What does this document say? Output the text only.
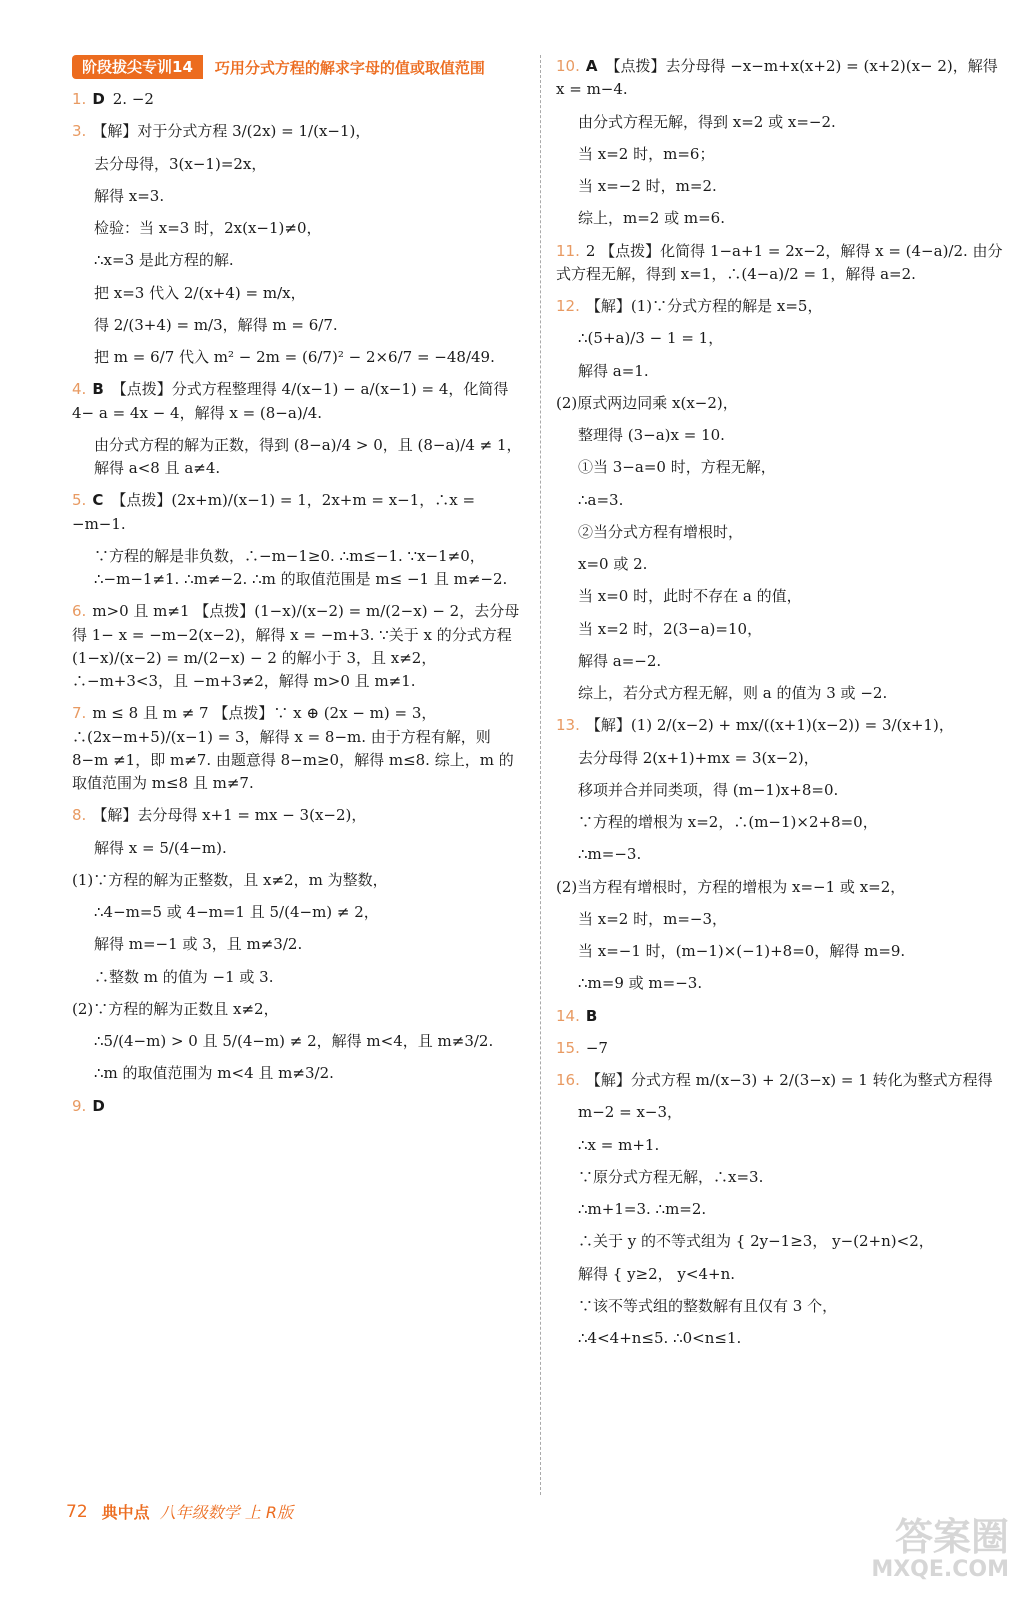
阶段拔尖专训14	巧用分式方程的解求字母的值或取值范围
1. D 2. −2
3. 【解】对于分式方程 3/(2x) = 1/(x−1)，
去分母得，3(x−1)=2x，
解得 x=3.
检验：当 x=3 时，2x(x−1)≠0，
∴x=3 是此方程的解.
把 x=3 代入 2/(x+4) = m/x，
得 2/(3+4) = m/3，解得 m = 6/7.
把 m = 6/7 代入 m² − 2m = (6/7)² − 2×6/7 = −48/49.
4. B 【点拨】分式方程整理得 4/(x−1) − a/(x−1) = 4，化简得 4− a = 4x − 4，解得 x = (8−a)/4.
由分式方程的解为正数，得到 (8−a)/4 > 0，且 (8−a)/4 ≠ 1，解得 a<8 且 a≠4.
5. C 【点拨】(2x+m)/(x−1) = 1，2x+m = x−1，∴x = −m−1.
∵方程的解是非负数，∴−m−1≥0. ∴m≤−1. ∵x−1≠0，∴−m−1≠1. ∴m≠−2. ∴m 的取值范围是 m≤ −1 且 m≠−2.
6. m>0 且 m≠1 【点拨】(1−x)/(x−2) = m/(2−x) − 2，去分母得 1− x = −m−2(x−2)，解得 x = −m+3. ∵关于 x 的分式方程 (1−x)/(x−2) = m/(2−x) − 2 的解小于 3，且 x≠2，∴−m+3<3，且 −m+3≠2，解得 m>0 且 m≠1.
7. m ≤ 8 且 m ≠ 7 【点拨】∵ x ⊕ (2x − m) = 3，∴(2x−m+5)/(x−1) = 3，解得 x = 8−m. 由于方程有解，则 8−m ≠1，即 m≠7. 由题意得 8−m≥0，解得 m≤8. 综上，m 的取值范围为 m≤8 且 m≠7.
8. 【解】去分母得 x+1 = mx − 3(x−2)，
解得 x = 5/(4−m).
(1)∵方程的解为正整数，且 x≠2，m 为整数，
∴4−m=5 或 4−m=1 且 5/(4−m) ≠ 2，
解得 m=−1 或 3，且 m≠3/2.
∴整数 m 的值为 −1 或 3.
(2)∵方程的解为正数且 x≠2，
∴5/(4−m) > 0 且 5/(4−m) ≠ 2，解得 m<4，且 m≠3/2.
∴m 的取值范围为 m<4 且 m≠3/2.
9. D
10. A 【点拨】去分母得 −x−m+x(x+2) = (x+2)(x− 2)，解得 x = m−4.
由分式方程无解，得到 x=2 或 x=−2.
当 x=2 时，m=6；
当 x=−2 时，m=2.
综上，m=2 或 m=6.
11. 2 【点拨】化简得 1−a+1 = 2x−2，解得 x = (4−a)/2. 由分式方程无解，得到 x=1，∴(4−a)/2 = 1，解得 a=2.
12. 【解】(1)∵分式方程的解是 x=5，
∴(5+a)/3 − 1 = 1，
解得 a=1.
(2)原式两边同乘 x(x−2)，
整理得 (3−a)x = 10.
①当 3−a=0 时，方程无解，
∴a=3.
②当分式方程有增根时，
x=0 或 2.
当 x=0 时，此时不存在 a 的值，
当 x=2 时，2(3−a)=10，
解得 a=−2.
综上，若分式方程无解，则 a 的值为 3 或 −2.
13. 【解】(1) 2/(x−2) + mx/((x+1)(x−2)) = 3/(x+1)，
去分母得 2(x+1)+mx = 3(x−2)，
移项并合并同类项，得 (m−1)x+8=0.
∵方程的增根为 x=2，∴(m−1)×2+8=0，
∴m=−3.
(2)当方程有增根时，方程的增根为 x=−1 或 x=2，
当 x=2 时，m=−3，
当 x=−1 时，(m−1)×(−1)+8=0，解得 m=9.
∴m=9 或 m=−3.
14. B
15. −7
16. 【解】分式方程 m/(x−3) + 2/(3−x) = 1 转化为整式方程得
m−2 = x−3，
∴x = m+1.
∵原分式方程无解，∴x=3.
∴m+1=3. ∴m=2.
∴关于 y 的不等式组为 { 2y−1≥3， y−(2+n)<2，
解得 { y≥2， y<4+n.
∵该不等式组的整数解有且仅有 3 个，
∴4<4+n≤5. ∴0<n≤1.
72 典中点 八年级数学 上 R版
答案圈
MXQE.COM
